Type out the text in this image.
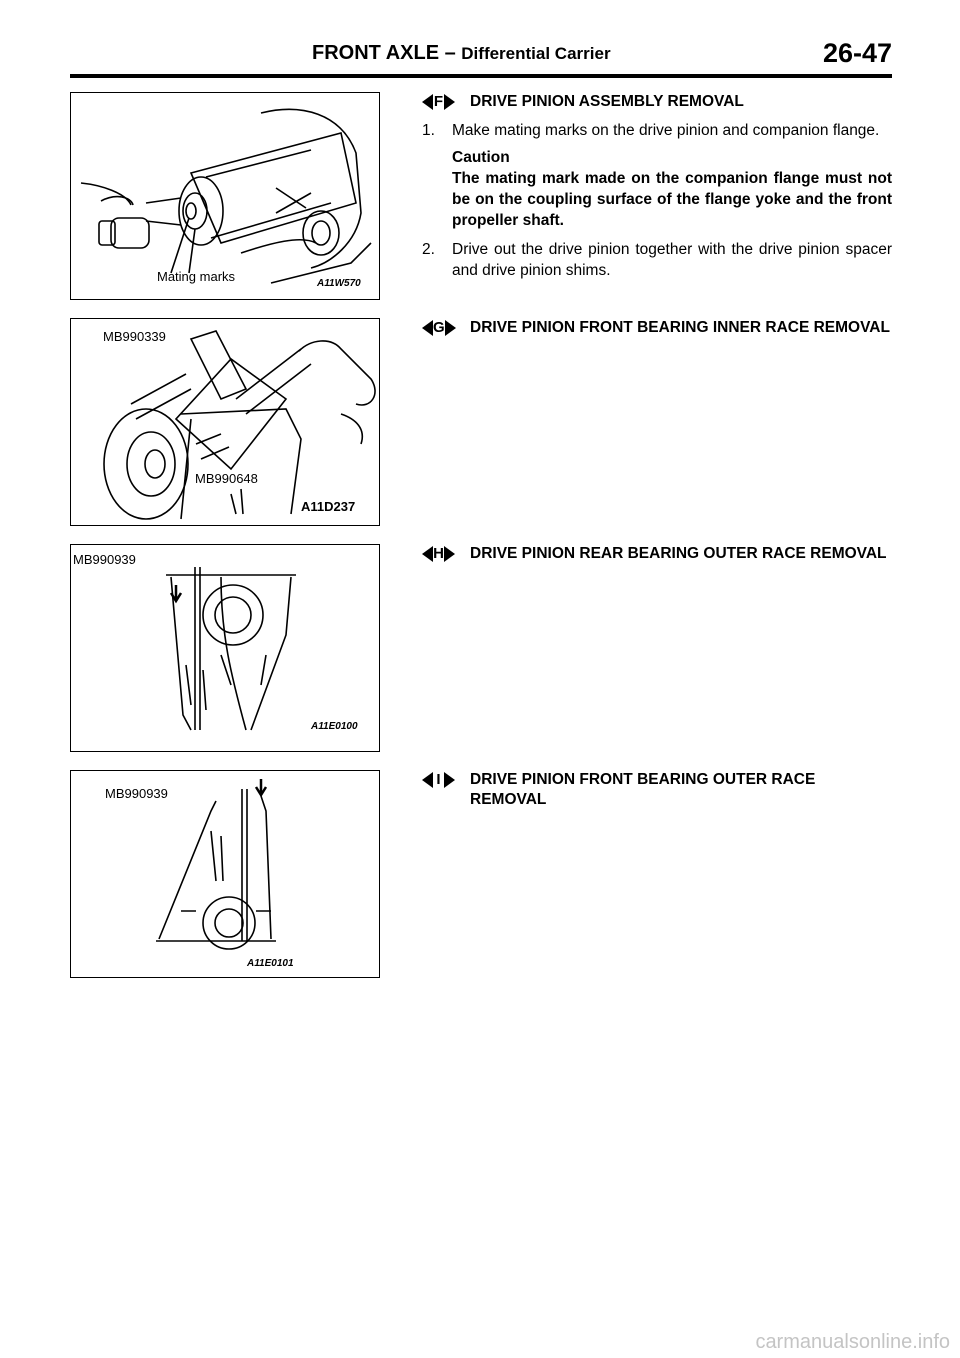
FRONT AXLE – Differential Carrier	26-47
Mating marks	A11W570
MB990339
MB990648
A11D237
MB990939
A11E0100
MB990939
A11E0101
F DRIVE PINION ASSEMBLY REMOVAL
1.	Make mating marks on the drive pinion and companion flange.
Caution
The mating mark made on the companion flange must not be on the coupling surface of the flange yoke and the front propeller shaft.
2.	Drive out the drive pinion together with the drive pinion spacer and drive pinion shims.
G DRIVE PINION FRONT BEARING INNER RACE REMOVAL
H DRIVE PINION REAR BEARING OUTER RACE REMOVAL
I DRIVE PINION FRONT BEARING OUTER RACE REMOVAL
carmanualsonline.info
